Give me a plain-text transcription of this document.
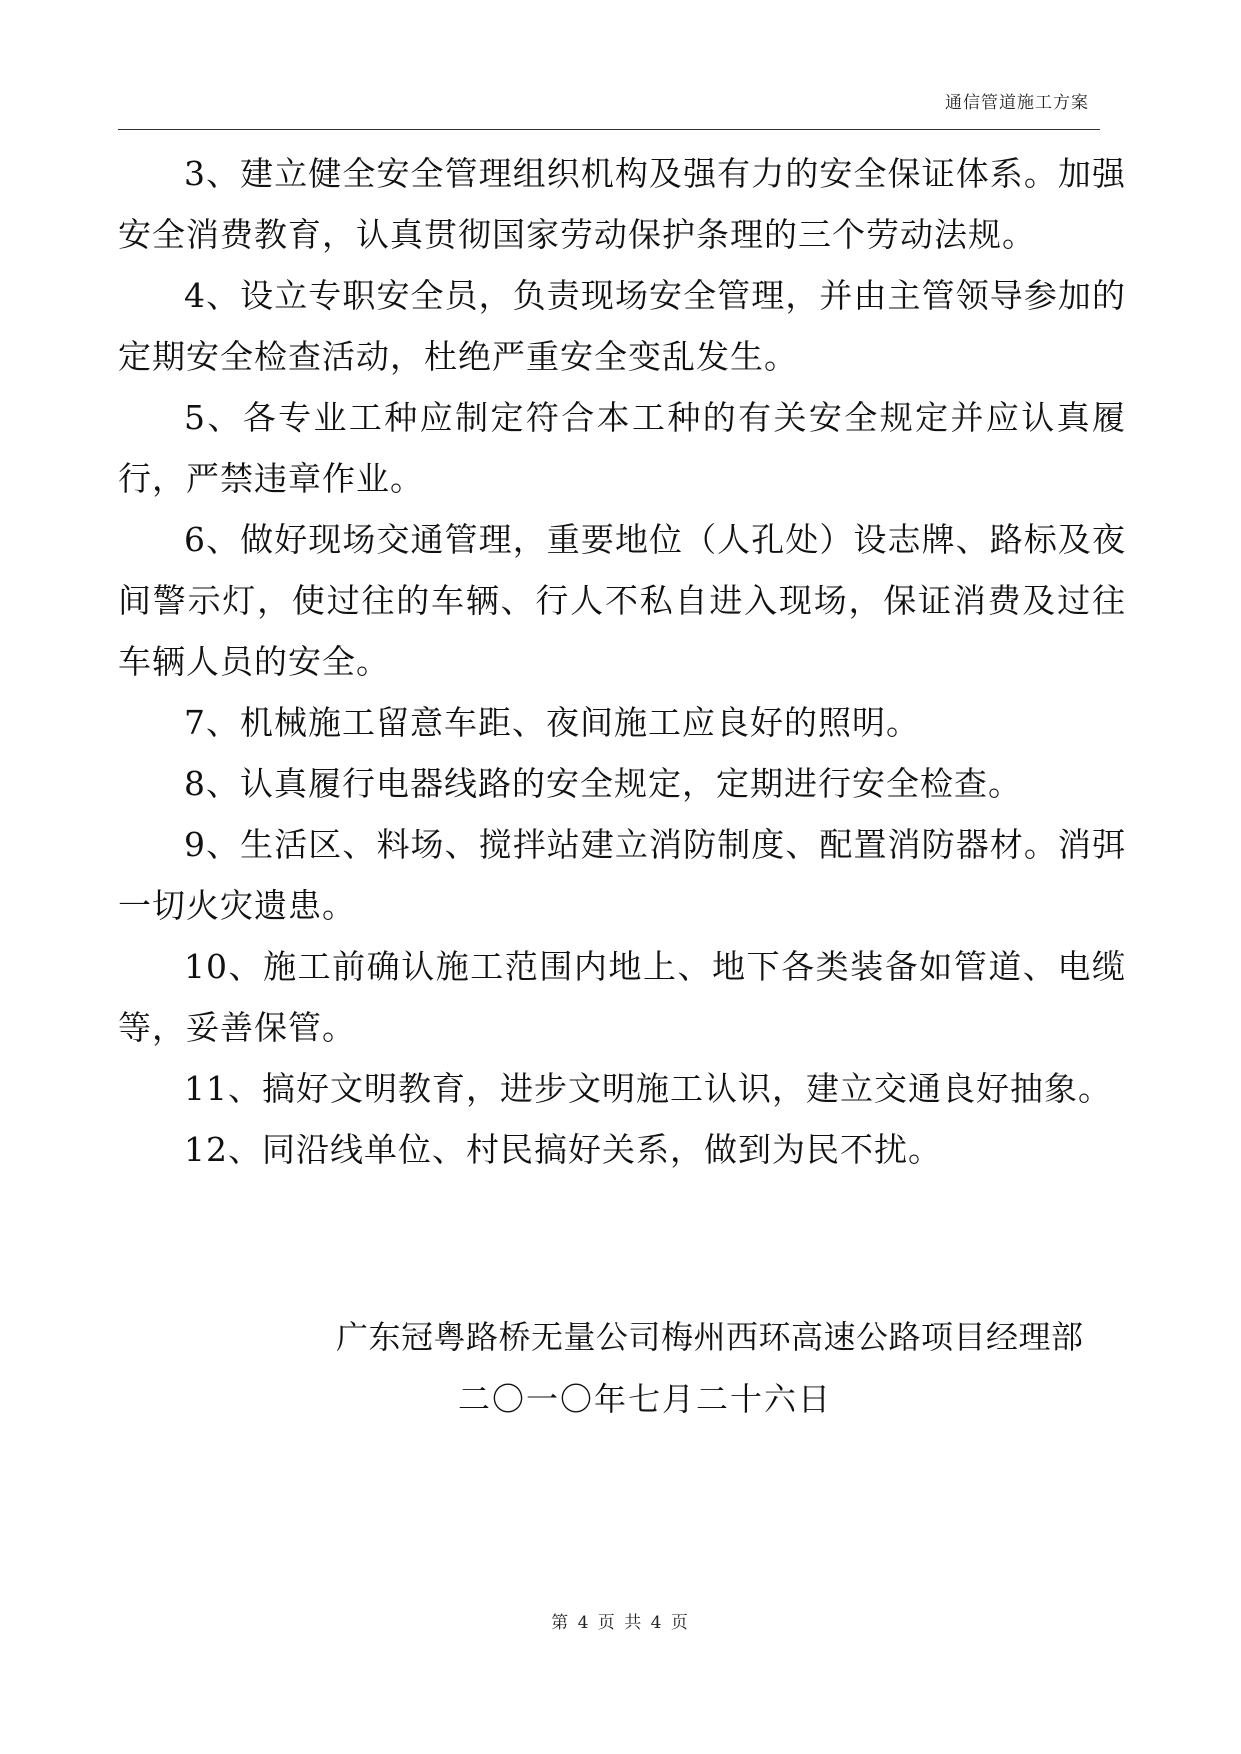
通信管道施工方案

3、建立健全安全管理组织机构及强有力的安全保证体系。加强安全消费教育，认真贯彻国家劳动保护条理的三个劳动法规。

4、设立专职安全员，负责现场安全管理，并由主管领导参加的定期安全检查活动，杜绝严重安全变乱发生。

5、各专业工种应制定符合本工种的有关安全规定并应认真履行，严禁违章作业。

6、做好现场交通管理，重要地位（人孔处）设志牌、路标及夜间警示灯，使过往的车辆、行人不私自进入现场，保证消费及过往车辆人员的安全。

7、机械施工留意车距、夜间施工应良好的照明。

8、认真履行电器线路的安全规定，定期进行安全检查。

9、生活区、料场、搅拌站建立消防制度、配置消防器材。消弭一切火灾遗患。

10、施工前确认施工范围内地上、地下各类装备如管道、电缆等，妥善保管。

11、搞好文明教育，进步文明施工认识，建立交通良好抽象。

12、同沿线单位、村民搞好关系，做到为民不扰。

广东冠粤路桥无量公司梅州西环高速公路项目经理部
二〇一〇年七月二十六日
第 4 页 共 4 页
